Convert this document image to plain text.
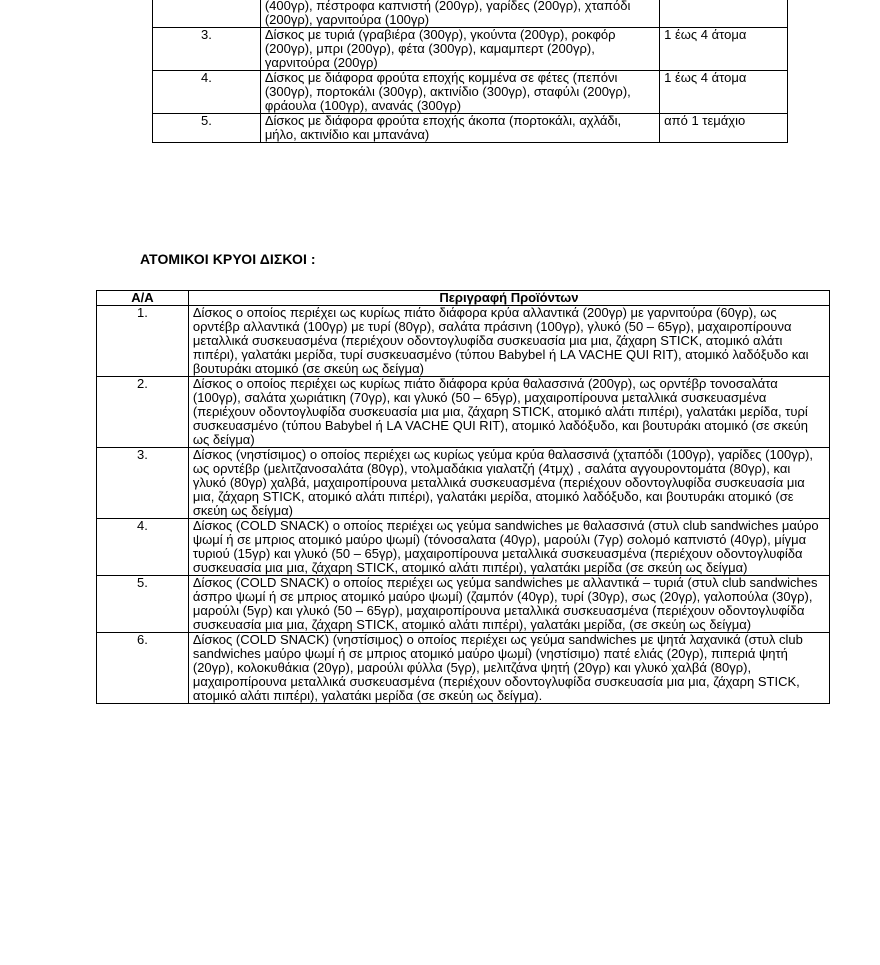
	(400γρ), πέστροφα καπνιστή (200γρ), γαρίδες (200γρ), χταπόδι (200γρ), γαρνιτούρα (100γρ)	
3.	Δίσκος με τυριά (γραβιέρα (300γρ), γκούντα (200γρ), ροκφόρ (200γρ), μπρι (200γρ), φέτα (300γρ), καμαμπερτ (200γρ), γαρνιτούρα (200γρ)	1 έως 4 άτομα
4.	Δίσκος με διάφορα φρούτα εποχής κομμένα σε φέτες (πεπόνι (300γρ), πορτοκάλι (300γρ), ακτινίδιο (300γρ), σταφύλι (200γρ), φράουλα (100γρ), ανανάς (300γρ)	1 έως 4 άτομα
5.	Δίσκος με διάφορα φρούτα εποχής άκοπα (πορτοκάλι, αχλάδι, μήλο, ακτινίδιο και μπανάνα)	από 1 τεμάχιο
ΑΤΟΜΙΚΟΙ ΚΡΥΟΙ ΔΙΣΚΟΙ :
Α/Α	Περιγραφή Προϊόντων
1.	Δίσκος ο οποίος περιέχει ως κυρίως πιάτο διάφορα κρύα αλλαντικά (200γρ) με γαρνιτούρα (60γρ), ως ορντέβρ αλλαντικά (100γρ) με τυρί (80γρ), σαλάτα πράσινη (100γρ), γλυκό (50 – 65γρ), μαχαιροπίρουνα μεταλλικά συσκευασμένα (περιέχουν οδοντογλυφίδα συσκευασία μια μια, ζάχαρη STICK, ατομικό αλάτι πιπέρι), γαλατάκι μερίδα, τυρί συσκευασμένο (τύπου Babybel ή LA VACHE QUI RIT), ατομικό λαδόξυδο και βουτυράκι ατομικό (σε σκεύη ως δείγμα)
2.	Δίσκος ο οποίος περιέχει ως κυρίως πιάτο διάφορα κρύα θαλασσινά (200γρ), ως ορντέβρ τονοσαλάτα (100γρ), σαλάτα χωριάτικη (70γρ), και γλυκό (50 – 65γρ), μαχαιροπίρουνα μεταλλικά συσκευασμένα (περιέχουν οδοντογλυφίδα συσκευασία μια μια, ζάχαρη STICK, ατομικό αλάτι πιπέρι), γαλατάκι μερίδα, τυρί συσκευασμένο (τύπου Babybel ή LA VACHE QUI RIT), ατομικό λαδόξυδο, και βουτυράκι ατομικό (σε σκεύη ως δείγμα)
3.	Δίσκος (νηστίσιμος) ο οποίος περιέχει ως κυρίως γεύμα κρύα θαλασσινά (χταπόδι (100γρ), γαρίδες (100γρ), ως ορντέβρ (μελιτζανοσαλάτα (80γρ), ντολμαδάκια γιαλατζή (4τμχ) , σαλάτα αγγουροντομάτα (80γρ), και γλυκό (80γρ) χαλβά, μαχαιροπίρουνα μεταλλικά συσκευασμένα (περιέχουν οδοντογλυφίδα συσκευασία μια μια, ζάχαρη STICK, ατομικό αλάτι πιπέρι), γαλατάκι μερίδα, ατομικό λαδόξυδο, και βουτυράκι ατομικό (σε σκεύη ως δείγμα)
4.	Δίσκος (COLD SNACK) ο οποίος περιέχει ως γεύμα sandwiches με θαλασσινά (στυλ club sandwiches μαύρο ψωμί ή σε μπριος ατομικό μαύρο ψωμί) (τόνοσαλατα (40γρ), μαρούλι (7γρ) σολομό καπνιστό (40γρ), μίγμα τυριού (15γρ) και γλυκό (50 – 65γρ), μαχαιροπίρουνα μεταλλικά συσκευασμένα (περιέχουν οδοντογλυφίδα συσκευασία μια μια, ζάχαρη STICK, ατομικό αλάτι πιπέρι), γαλατάκι μερίδα (σε σκεύη ως δείγμα)
5.	Δίσκος (COLD SNACK) ο οποίος περιέχει ως γεύμα sandwiches με αλλαντικά – τυριά (στυλ club sandwiches άσπρο ψωμί ή σε μπριος ατομικό μαύρο ψωμί) (ζαμπόν (40γρ), τυρί (30γρ), σως (20γρ), γαλοπούλα (30γρ), μαρούλι (5γρ) και γλυκό (50 – 65γρ), μαχαιροπίρουνα μεταλλικά συσκευασμένα (περιέχουν οδοντογλυφίδα συσκευασία μια μια, ζάχαρη STICK, ατομικό αλάτι πιπέρι), γαλατάκι μερίδα, (σε σκεύη ως δείγμα)
6.	Δίσκος (COLD SNACK) (νηστίσιμος) ο οποίος περιέχει ως γεύμα sandwiches με ψητά λαχανικά (στυλ club sandwiches μαύρο ψωμί ή σε μπριος ατομικό μαύρο ψωμί) (νηστίσιμο) πατέ ελιάς (20γρ), πιπεριά ψητή (20γρ), κολοκυθάκια (20γρ), μαρούλι φύλλα (5γρ), μελιτζάνα ψητή (20γρ) και γλυκό χαλβά (80γρ), μαχαιροπίρουνα μεταλλικά συσκευασμένα (περιέχουν οδοντογλυφίδα συσκευασία μια μια, ζάχαρη STICK, ατομικό αλάτι πιπέρι), γαλατάκι μερίδα (σε σκεύη ως δείγμα).
